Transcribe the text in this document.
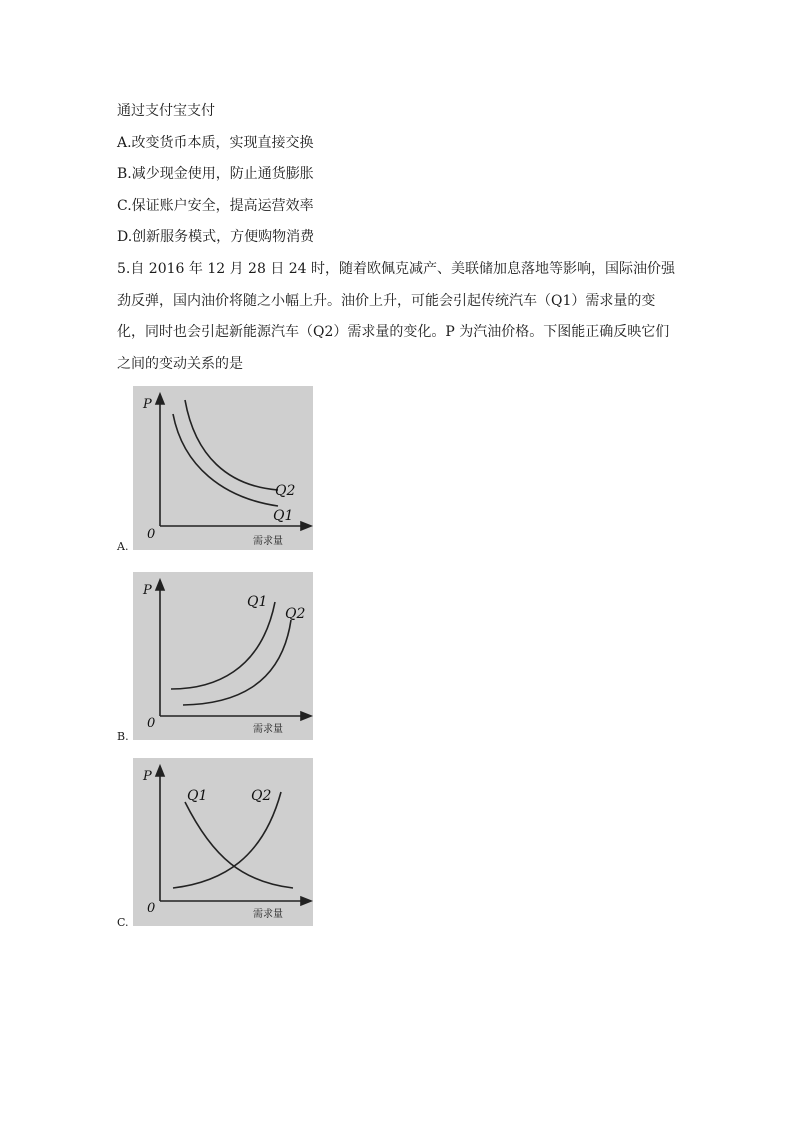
通过支付宝支付
A.改变货币本质，实现直接交换
B.减少现金使用，防止通货膨胀
C.保证账户安全，提高运营效率
D.创新服务模式，方便购物消费
5.自 2016 年 12 月 28 日 24 时，随着欧佩克减产、美联储加息落地等影响，国际油价强劲反弹，国内油价将随之小幅上升。油价上升，可能会引起传统汽车（Q1）需求量的变化，同时也会引起新能源汽车（Q2）需求量的变化。P 为汽油价格。下图能正确反映它们之间的变动关系的是
P
0
Q2
Q1
需求量
A.
P
0
Q1
Q2
需求量
B.
P
0
Q1	Q2
需求量
C.
